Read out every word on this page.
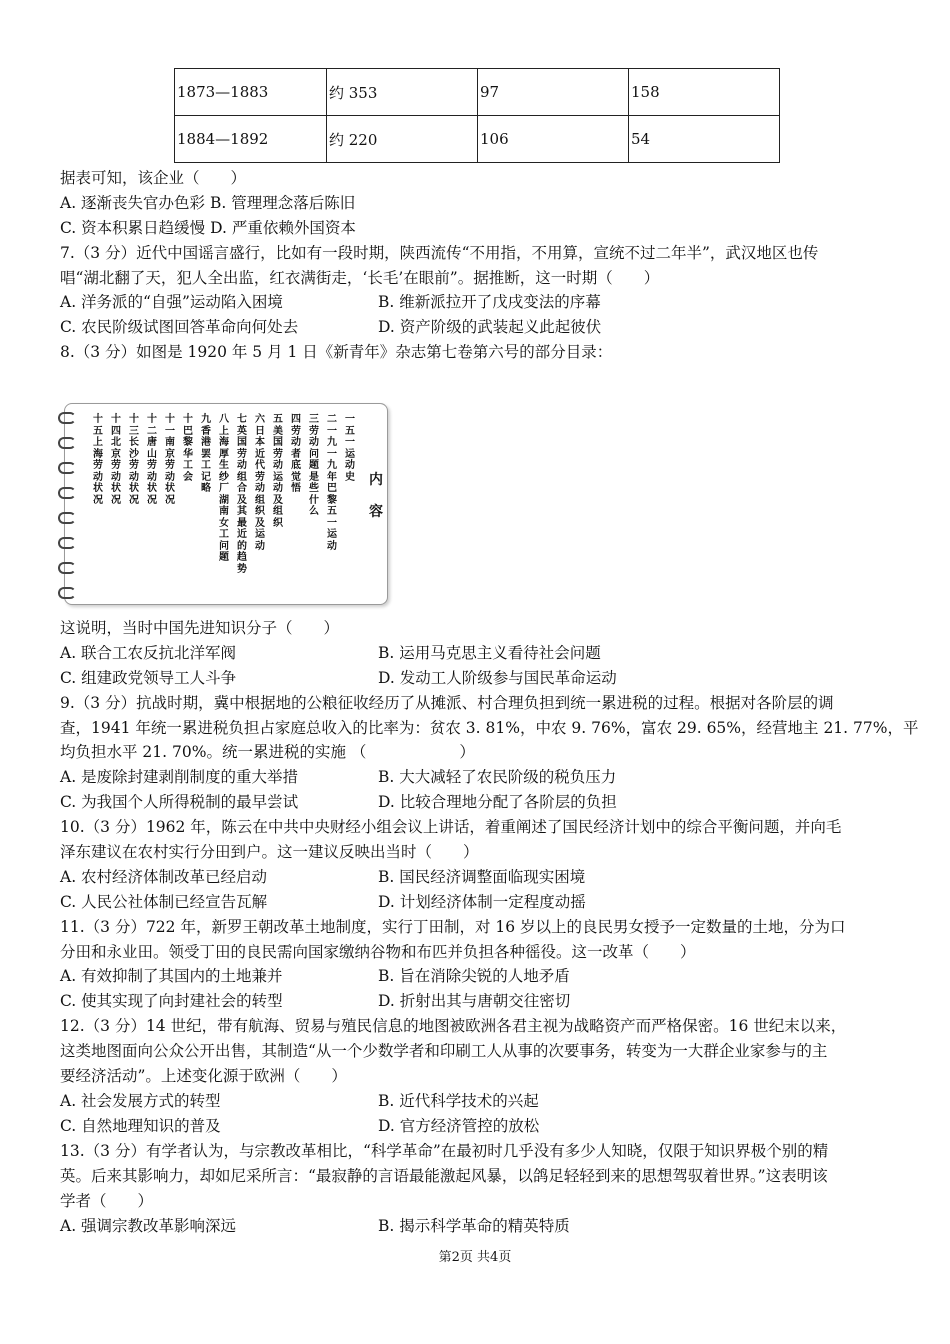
1873—1883	约 353	97	158
1884—1892	约 220	106	54
据表可知，该企业（　　）
A. 逐渐丧失官办色彩 B. 管理理念落后陈旧
C. 资本积累日趋缓慢 D. 严重依赖外国资本
7.（3 分）近代中国谣言盛行，比如有一段时期，陕西流传“不用指，不用算，宣统不过二年半”，武汉地区也传
唱“湖北翻了天，犯人全出监，红衣满街走，‘长毛’在眼前”。据推断，这一时期（　　）
A. 洋务派的“自强”运动陷入困境	B. 维新派拉开了戊戌变法的序幕
C. 农民阶级试图回答革命向何处去	D. 资产阶级的武装起义此起彼伏
8.（3 分）如图是 1920 年 5 月 1 日《新青年》杂志第七卷第六号的部分目录：
内容
一五一运动史
二一九一九年巴黎五一运动
三劳动问题是些什么
四劳动者底觉悟
五美国劳动运动及组织
六日本近代劳动组织及运动
七英国劳动组合及其最近的趋势
八上海厚生纱厂湖南女工问题
九香港罢工记略
十巴黎华工会
十一南京劳动状况
十二唐山劳动状况
十三长沙劳动状况
十四北京劳动状况
十五上海劳动状况
这说明，当时中国先进知识分子（　　）
A. 联合工农反抗北洋军阀	B. 运用马克思主义看待社会问题
C. 组建政党领导工人斗争	D. 发动工人阶级参与国民革命运动
9.（3 分）抗战时期，冀中根据地的公粮征收经历了从摊派、村合理负担到统一累进税的过程。根据对各阶层的调
查，1941 年统一累进税负担占家庭总收入的比率为：贫农 3. 81%，中农 9. 76%，富农 29. 65%，经营地主 21. 77%，平
均负担水平 21. 70%。统一累进税的实施 （　　　　　　）
A. 是废除封建剥削制度的重大举措	B. 大大减轻了农民阶级的税负压力
C. 为我国个人所得税制的最早尝试	D. 比较合理地分配了各阶层的负担
10.（3 分）1962 年，陈云在中共中央财经小组会议上讲话，着重阐述了国民经济计划中的综合平衡问题，并向毛
泽东建议在农村实行分田到户。这一建议反映出当时（　　）
A. 农村经济体制改革已经启动	B. 国民经济调整面临现实困境
C. 人民公社体制已经宣告瓦解	D. 计划经济体制一定程度动摇
11.（3 分）722 年，新罗王朝改革土地制度，实行丁田制，对 16 岁以上的良民男女授予一定数量的土地，分为口
分田和永业田。领受丁田的良民需向国家缴纳谷物和布匹并负担各种徭役。这一改革（　　）
A. 有效抑制了其国内的土地兼并	B. 旨在消除尖锐的人地矛盾
C. 使其实现了向封建社会的转型	D. 折射出其与唐朝交往密切
12.（3 分）14 世纪，带有航海、贸易与殖民信息的地图被欧洲各君主视为战略资产而严格保密。16 世纪末以来，
这类地图面向公众公开出售，其制造“从一个少数学者和印刷工人从事的次要事务，转变为一大群企业家参与的主
要经济活动”。上述变化源于欧洲（　　）
A. 社会发展方式的转型	B. 近代科学技术的兴起
C. 自然地理知识的普及	D. 官方经济管控的放松
13.（3 分）有学者认为，与宗教改革相比，“科学革命”在最初时几乎没有多少人知晓，仅限于知识界极个别的精
英。后来其影响力，却如尼采所言：“最寂静的言语最能激起风暴，以鸽足轻轻到来的思想驾驭着世界。”这表明该
学者（　　）
A. 强调宗教改革影响深远	B. 揭示科学革命的精英特质
第2页 共4页
